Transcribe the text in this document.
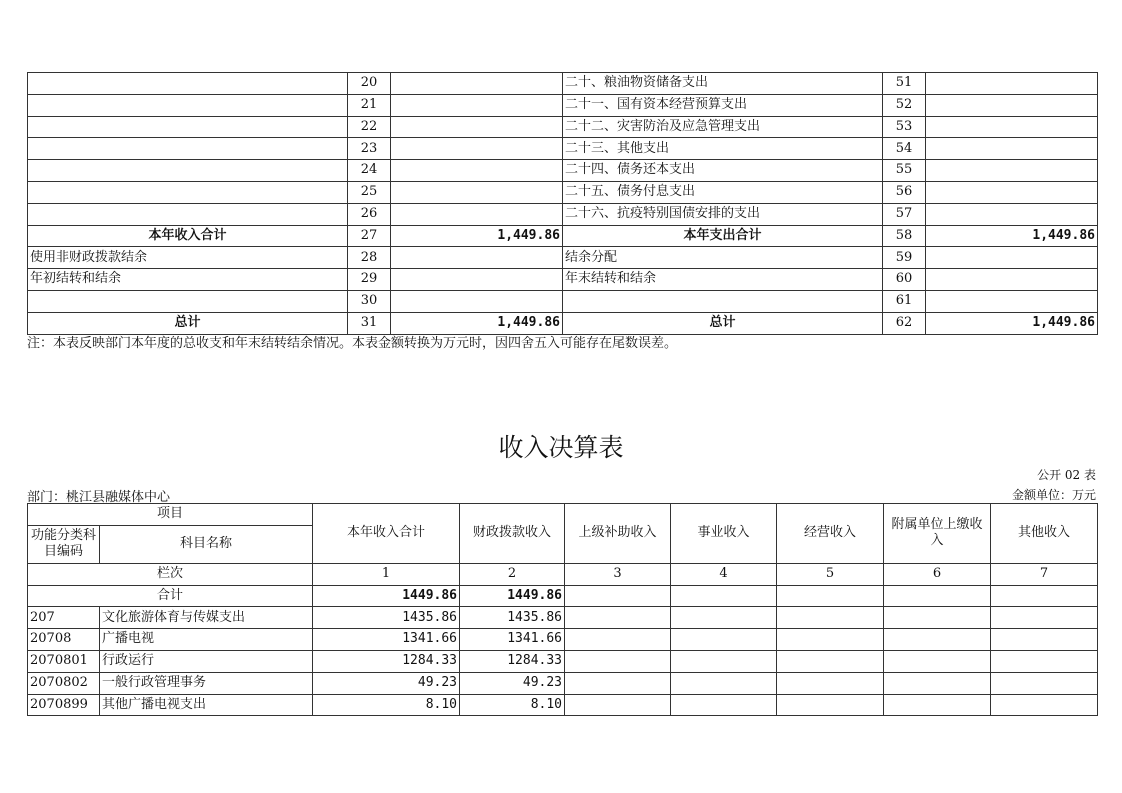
	20		二十、粮油物资储备支出	51	
	21		二十一、国有资本经营预算支出	52	
	22		二十二、灾害防治及应急管理支出	53	
	23		二十三、其他支出	54	
	24		二十四、债务还本支出	55	
	25		二十五、债务付息支出	56	
	26		二十六、抗疫特别国债安排的支出	57	
本年收入合计	27	1,449.86	本年支出合计	58	1,449.86
使用非财政拨款结余	28		结余分配	59	
年初结转和结余	29		年末结转和结余	60	
	30			61	
总计	31	1,449.86	总计	62	1,449.86
注：本表反映部门本年度的总收支和年末结转结余情况。本表金额转换为万元时，因四舍五入可能存在尾数误差。
收入决算表
公开 02 表
部门：桃江县融媒体中心	金额单位：万元
项目		本年收入合计	财政拨款收入	上级补助收入	事业收入	经营收入	附属单位上缴收入	其他收入
功能分类科目编码	科目名称							
栏次		1	2	3	4	5	6	7
合计		1449.86	1449.86					
207	文化旅游体育与传媒支出	1435.86	1435.86					
20708	广播电视	1341.66	1341.66					
2070801	行政运行	1284.33	1284.33					
2070802	一般行政管理事务	49.23	49.23					
2070899	其他广播电视支出	8.10	8.10					
